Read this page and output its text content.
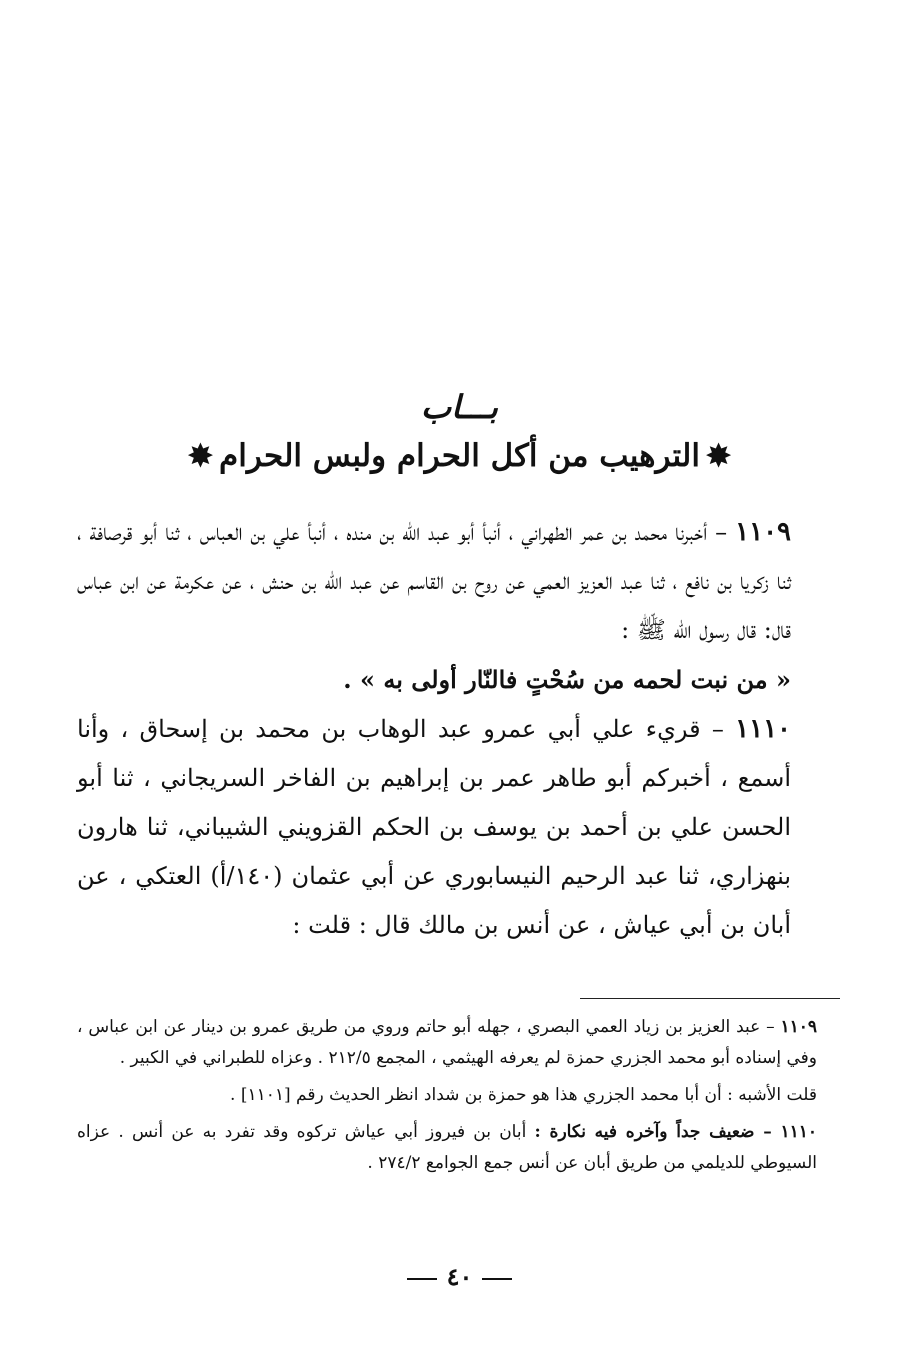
بـــاب
✸ الترهيب من أكل الحرام ولبس الحرام ✸

١١٠٩ – أخبرنا محمد بن عمر الطهراني ، أنبأ أبو عبد الله بن منده ، أنبأ علي بن العباس ، ثنا أبو قرصافة ، ثنا زكريا بن نافع ، ثنا عبد العزيز العمي عن روح بن القاسم عن عبد الله بن حنش ، عن عكرمة عن ابن عباس قال: قال رسول الله ﷺ :

« من نبت لحمه من سُحْتٍ فالنّار أولى به » .

١١١٠ – قريء علي أبي عمرو عبد الوهاب بن محمد بن إسحاق ، وأنا أسمع ، أخبركم أبو طاهر عمر بن إبراهيم بن الفاخر السريجاني ، ثنا أبو الحسن علي بن أحمد بن يوسف بن الحكم القزويني الشيباني، ثنا هارون بنهزاري، ثنا عبد الرحيم النيسابوري عن أبي عثمان (١٤٠/أ) العتكي ، عن أبان بن أبي عياش ، عن أنس بن مالك قال : قلت :

١١٠٩ – عبد العزيز بن زياد العمي البصري ، جهله أبو حاتم وروي من طريق عمرو بن دينار عن ابن عباس ، وفي إسناده أبو محمد الجزري حمزة لم يعرفه الهيثمي ، المجمع ٢١٢/٥ . وعزاه للطبراني في الكبير .

قلت الأشبه : أن أبا محمد الجزري هذا هو حمزة بن شداد انظر الحديث رقم [١١٠١] .

١١١٠ – ضعيف جداً وآخره فيه نكارة : أبان بن فيروز أبي عياش تركوه وقد تفرد به عن أنس . عزاه السيوطي للديلمي من طريق أبان عن أنس جمع الجوامع ٢٧٤/٢ .

٤٠
